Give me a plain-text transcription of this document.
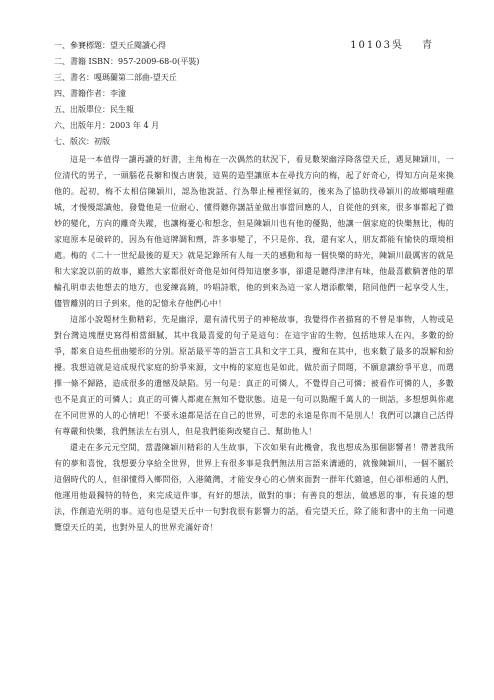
一、參賽標題：望天丘閱讀心得	10103吳 青
二、書籍 ISBN：957-2009-68-0(平裝)
三、書名：嘎瑪蘭第二部曲-望天丘
四、書籍作者：李潼
五、出版單位：民生報
六、出版年月：2003 年 4 月
七、版次：初版

這是一本值得一讀再讀的好書，主角梅在一次偶然的狀況下，看見數架幽浮降落望天丘，遇見陳穎川，一位清代的男子，一頭腦花長辮和復古唐裝，這異的造型讓原本在尋找方向的梅，起了好奇心，得知方向是來換他的。起初，梅不太相信陳穎川，認為他說話、行為舉止極裡怪氣的，後來為了協助找尋穎川的故鄉嘀哩礁城，才慢慢認識他，發覺他是一位耐心、懂得聽你講話並做出事當回應的人，自從他的到來，很多事都起了微妙的變化，方向的離奇失蹤，也讓梅憂心和想念，但是陳穎川也有他的優點，他讓一個家庭的快樂無比，梅的家庭原本是破碎的，因為有他這牌調和劑，許多事變了，不只是你、我，還有家人，朋友都能有愉快的環境相處。梅的《二十一世紀最後的夏天》就是記錄所有人每一天的感動和每一個快樂的時光，陳穎川最厲害的就是和大家說以前的故事，雖然大家都很好奇他是如何得知這麼多事，卻還是聽得津津有味，他最喜歡騎著他的單輪孔明車去他想去的地方，也愛練高蹺，吟唱詩歌，他的到來為這一家人增添歡樂，陪同他們一起享受人生，儘管離別的日子到來，他的記憶永存他們心中！

這部小說題材生動精彩，先是幽浮，還有清代男子的神秘故事，我覺得作者描寫的不曾是事物，人物或是對台灣這塊歷史寫得相當細膩，其中我最喜愛的句子是這句：在這宇宙的生物，包括地球人在內，多數的紛爭，都來自這些扭曲變形的分別。原話最平等的語言工具和文字工具，攪和在其中，也來數了最多的誤解和紛擾。我想這就是這成現代家庭的紛爭來源，文中梅的家庭也是如此，做於面子問題，不願意讓紛爭平息，而選擇一條不歸路，造成很多的遺憾及缺陷。另一句是：真正的可憐人，不覺得自己可憐；被看作可憐的人，多數也不是真正的可憐人；真正的可憐人都處在無知不覺狀態。這是一句可以點醒千萬人的一則話，多想想與你處在不同世界的人的心情吧！不要永遠都是活在自己的世界，可悲的永遠是你而不是別人！我們可以讓自己活得有尊嚴和快樂，我們無法左右別人，但是我們能夠改變自己、幫助他人！

還走在多元元空間，當盡陳穎川精彩的人生故事，下次如果有此機會，我也想成為那個影響者！帶著我所有的夢和喜悅，我想要分享給全世界，世界上有很多事是我們無法用言語來溝通的，就像陳穎川，一個不屬於這個時代的人，但卻懂得入鄉問俗，入港隨灣，才能安身心的心情來面對一群年代雜遠，但心卻相通的人們，他運用他最獨特的特色，來完成這件事，有好的想法，做對的事；有善良的想法，做感恩的事，有長遠的想法，作創造光明的事。這句也是望天丘中一句對我很有影響力的話，看完望天丘，除了能和書中的主角一同遨覽望天丘的美，也對外星人的世界充滿好奇！
